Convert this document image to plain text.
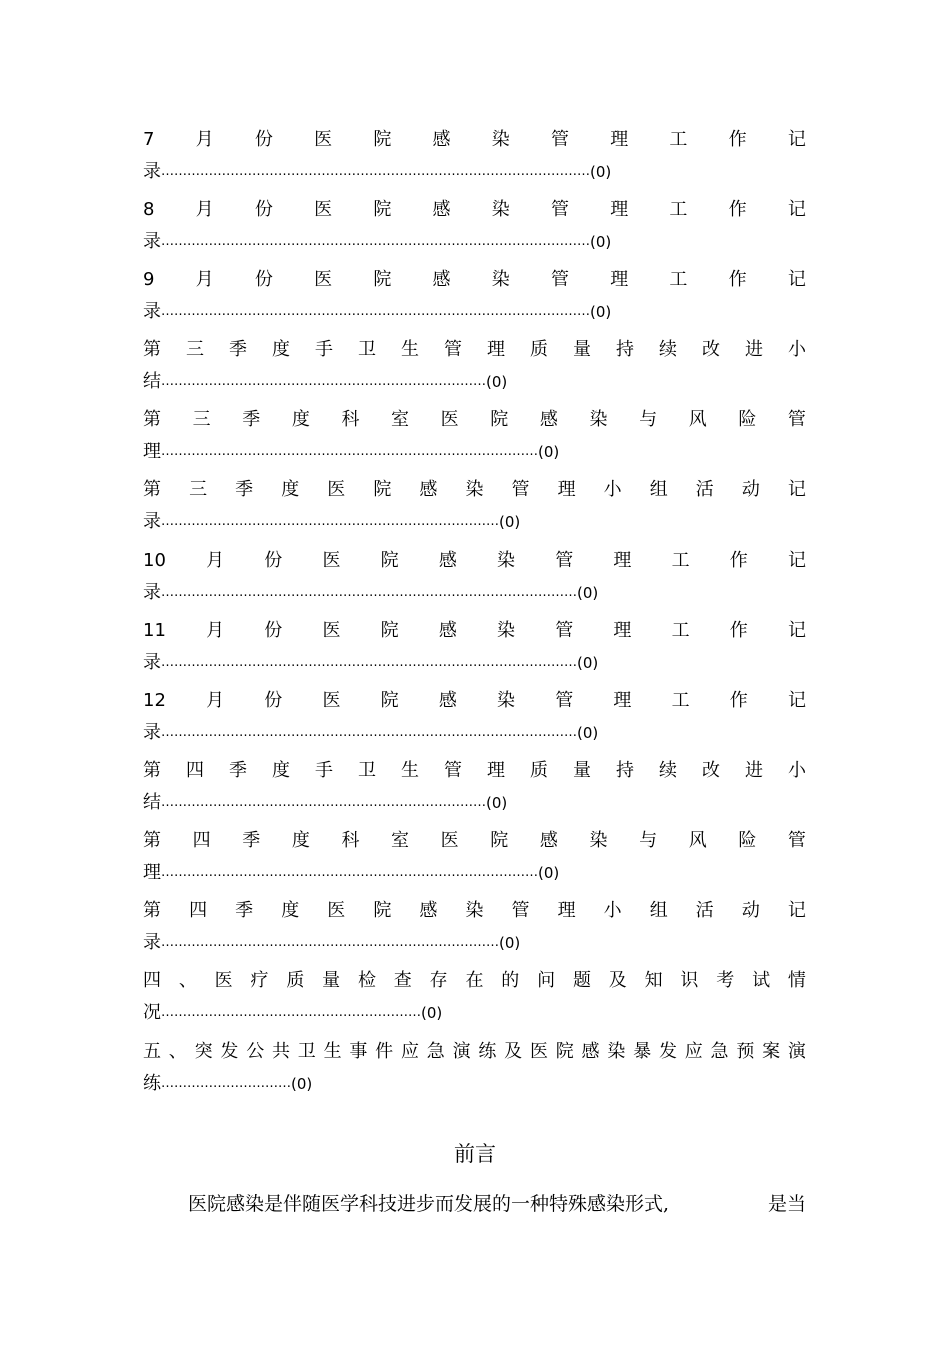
7 月 份 医 院 感 染 管 理 工 作 记
录 ……………………………………………………………………………………… (0)
8 月 份 医 院 感 染 管 理 工 作 记
录 ……………………………………………………………………………………… (0)
9 月 份 医 院 感 染 管 理 工 作 记
录 ……………………………………………………………………………………… (0)
第 三 季 度 手 卫 生 管 理 质 量 持 续 改 进 小
结 ………………………………………………………………… (0)
第 三 季 度 科 室 医 院 感 染 与 风 险 管
理 …………………………………………………………………………… (0)
第 三 季 度 医 院 感 染 管 理 小 组 活 动 记
录 …………………………………………………………………… (0)
10 月 份 医 院 感 染 管 理 工 作 记
录 …………………………………………………………………………………… (0)
11 月 份 医 院 感 染 管 理 工 作 记
录 …………………………………………………………………………………… (0)
12 月 份 医 院 感 染 管 理 工 作 记
录 …………………………………………………………………………………… (0)
第 四 季 度 手 卫 生 管 理 质 量 持 续 改 进 小
结 ………………………………………………………………… (0)
第 四 季 度 科 室 医 院 感 染 与 风 险 管
理 …………………………………………………………………………… (0)
第 四 季 度 医 院 感 染 管 理 小 组 活 动 记
录 …………………………………………………………………… (0)
四 、 医 疗 质 量 检 查 存 在 的 问 题 及 知 识 考 试 情
况 …………………………………………………… (0)
五 、 突 发 公 共 卫 生 事 件 应 急 演 练 及 医 院 感 染 暴 发 应 急 预 案 演
练 ………………………… (0)
前言
医院感染是伴随医学科技进步而发展的一种特殊感染形式,	是当
